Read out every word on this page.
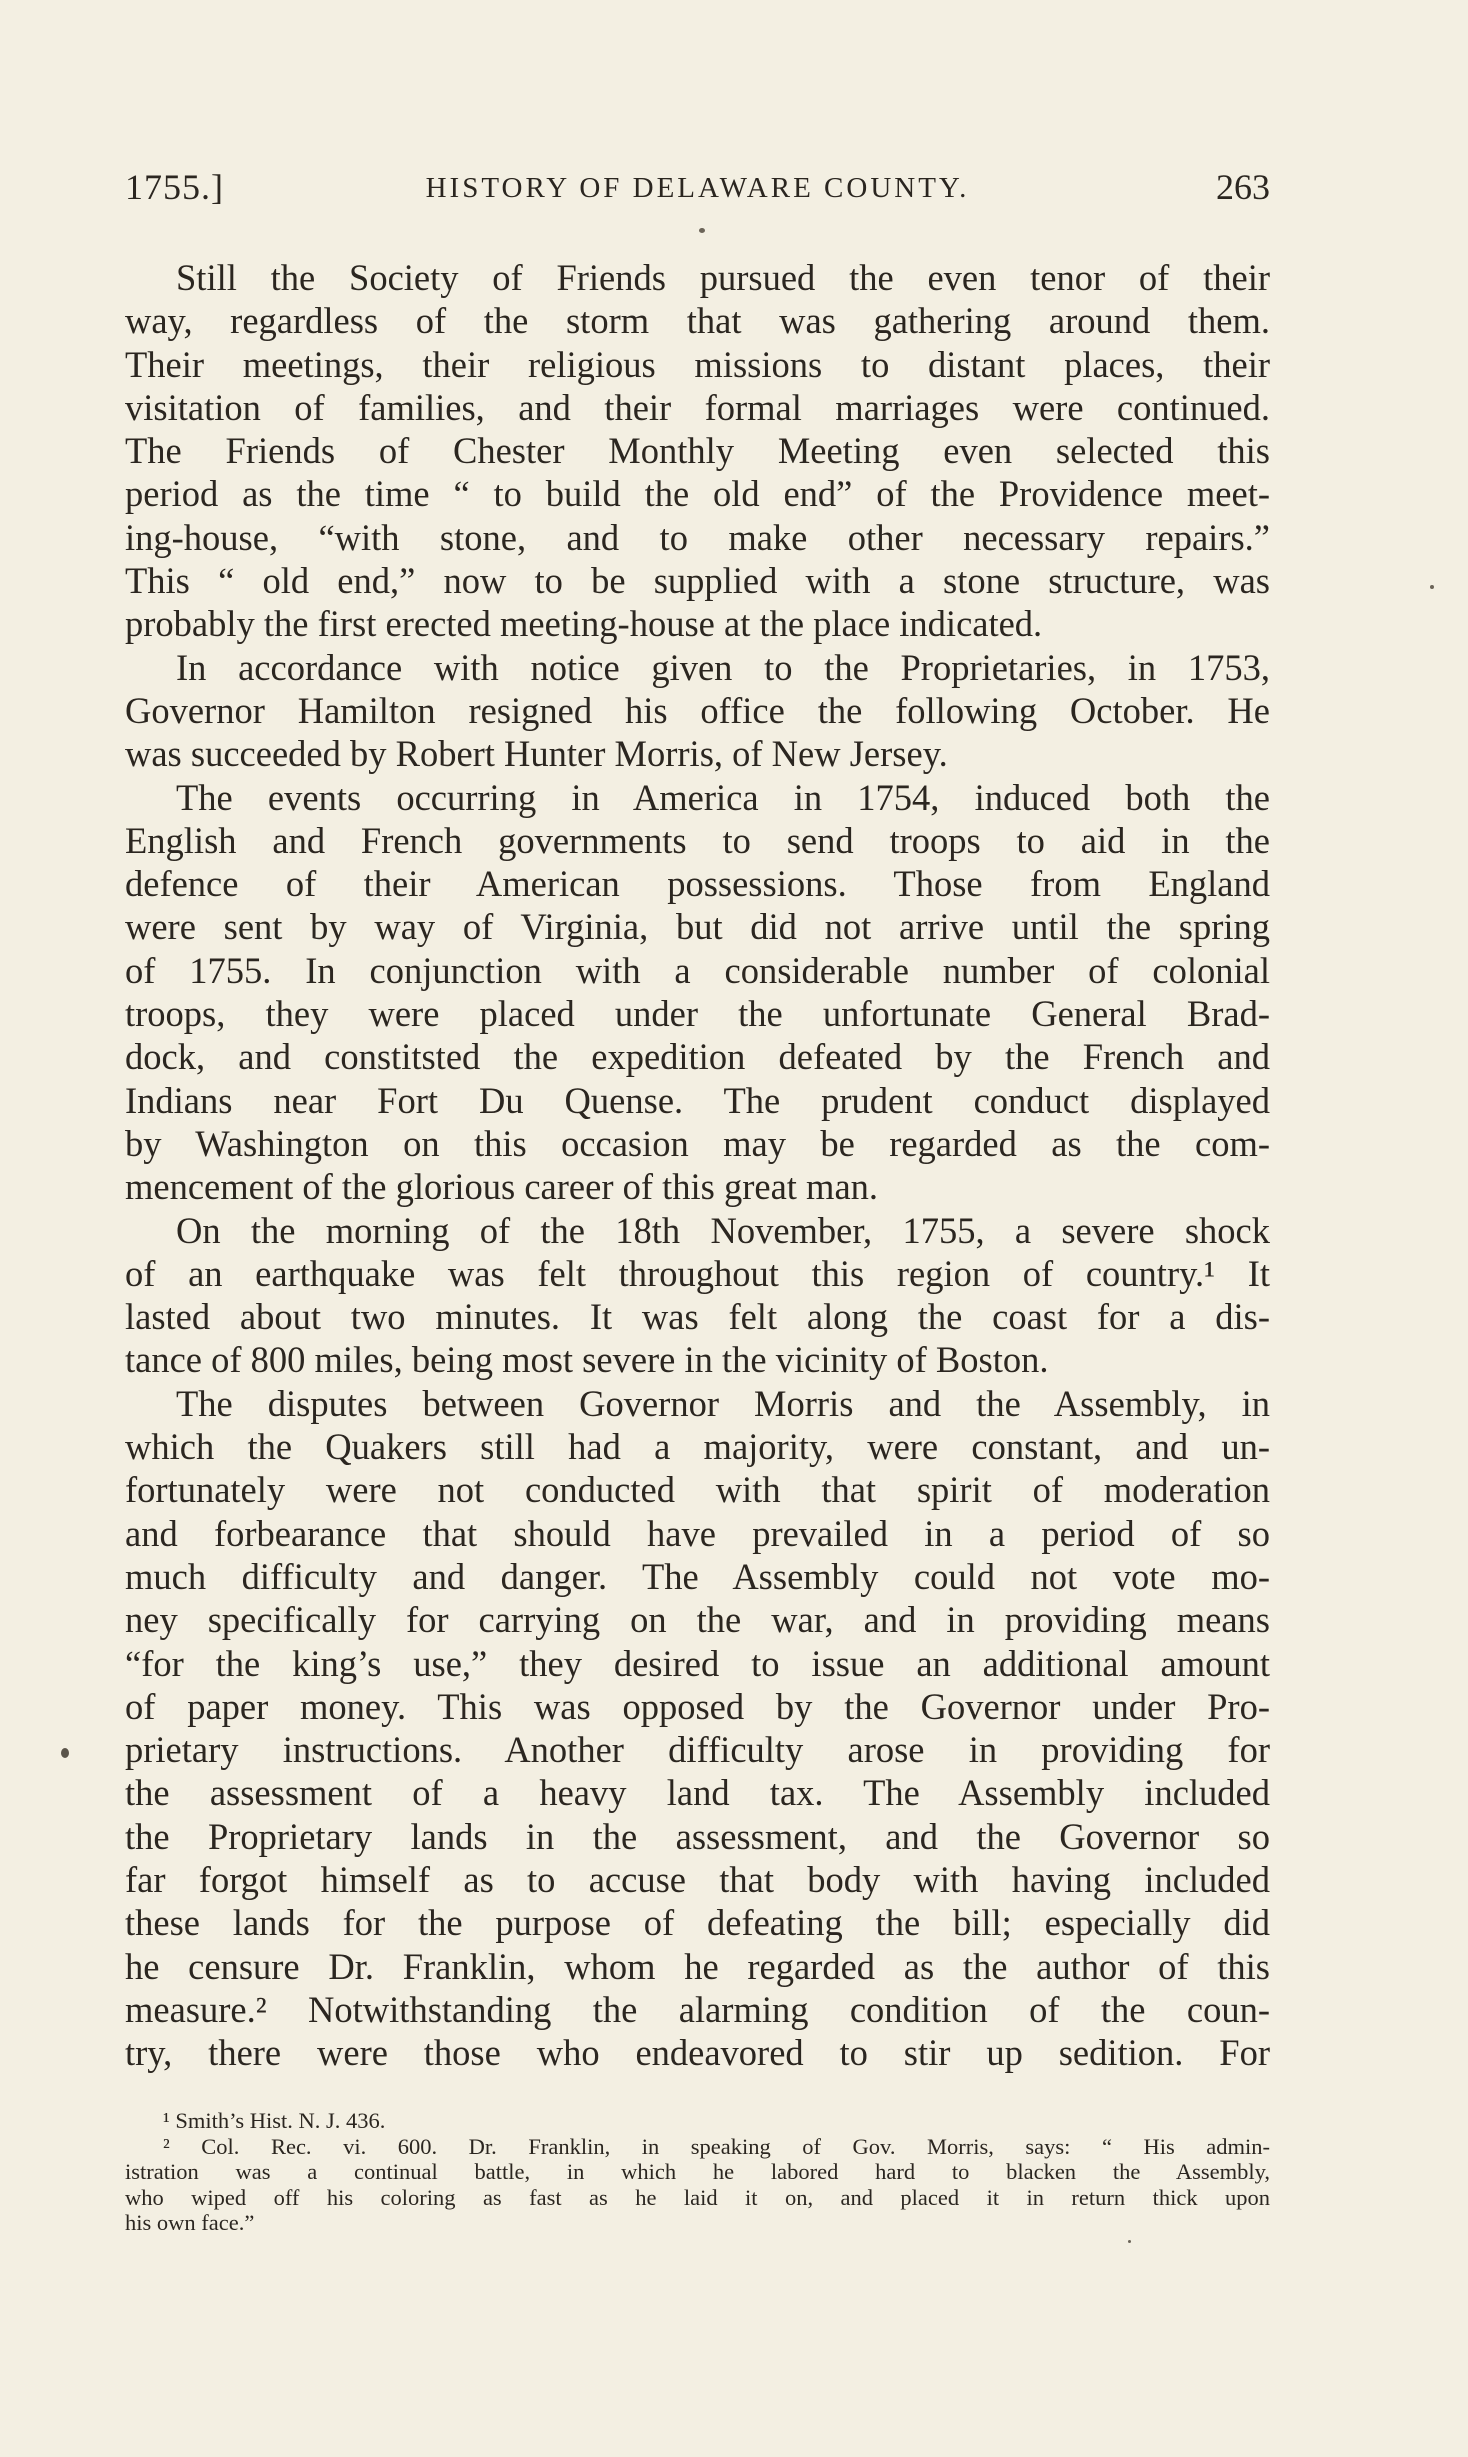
1755.]	HISTORY OF DELAWARE COUNTY.	263
Still the Society of Friends pursued the even tenor of their
way, regardless of the storm that was gathering around them.
Their meetings, their religious missions to distant places, their
visitation of families, and their formal marriages were continued.
The Friends of Chester Monthly Meeting even selected this
period as the time “ to build the old end” of the Providence meet-
ing-house, “with stone, and to make other necessary repairs.”
This “ old end,” now to be supplied with a stone structure, was
probably the first erected meeting-house at the place indicated.
In accordance with notice given to the Proprietaries, in 1753,
Governor Hamilton resigned his office the following October. He
was succeeded by Robert Hunter Morris, of New Jersey.
The events occurring in America in 1754, induced both the
English and French governments to send troops to aid in the
defence of their American possessions. Those from England
were sent by way of Virginia, but did not arrive until the spring
of 1755. In conjunction with a considerable number of colonial
troops, they were placed under the unfortunate General Brad-
dock, and constitsted the expedition defeated by the French and
Indians near Fort Du Quense. The prudent conduct displayed
by Washington on this occasion may be regarded as the com-
mencement of the glorious career of this great man.
On the morning of the 18th November, 1755, a severe shock
of an earthquake was felt throughout this region of country.¹ It
lasted about two minutes. It was felt along the coast for a dis-
tance of 800 miles, being most severe in the vicinity of Boston.
The disputes between Governor Morris and the Assembly, in
which the Quakers still had a majority, were constant, and un-
fortunately were not conducted with that spirit of moderation
and forbearance that should have prevailed in a period of so
much difficulty and danger. The Assembly could not vote mo-
ney specifically for carrying on the war, and in providing means
“for the king’s use,” they desired to issue an additional amount
of paper money. This was opposed by the Governor under Pro-
prietary instructions. Another difficulty arose in providing for
the assessment of a heavy land tax. The Assembly included
the Proprietary lands in the assessment, and the Governor so
far forgot himself as to accuse that body with having included
these lands for the purpose of defeating the bill; especially did
he censure Dr. Franklin, whom he regarded as the author of this
measure.² Notwithstanding the alarming condition of the coun-
try, there were those who endeavored to stir up sedition. For
¹ Smith’s Hist. N. J. 436.
² Col. Rec. vi. 600. Dr. Franklin, in speaking of Gov. Morris, says: “ His admin-
istration was a continual battle, in which he labored hard to blacken the Assembly,
who wiped off his coloring as fast as he laid it on, and placed it in return thick upon
his own face.”
